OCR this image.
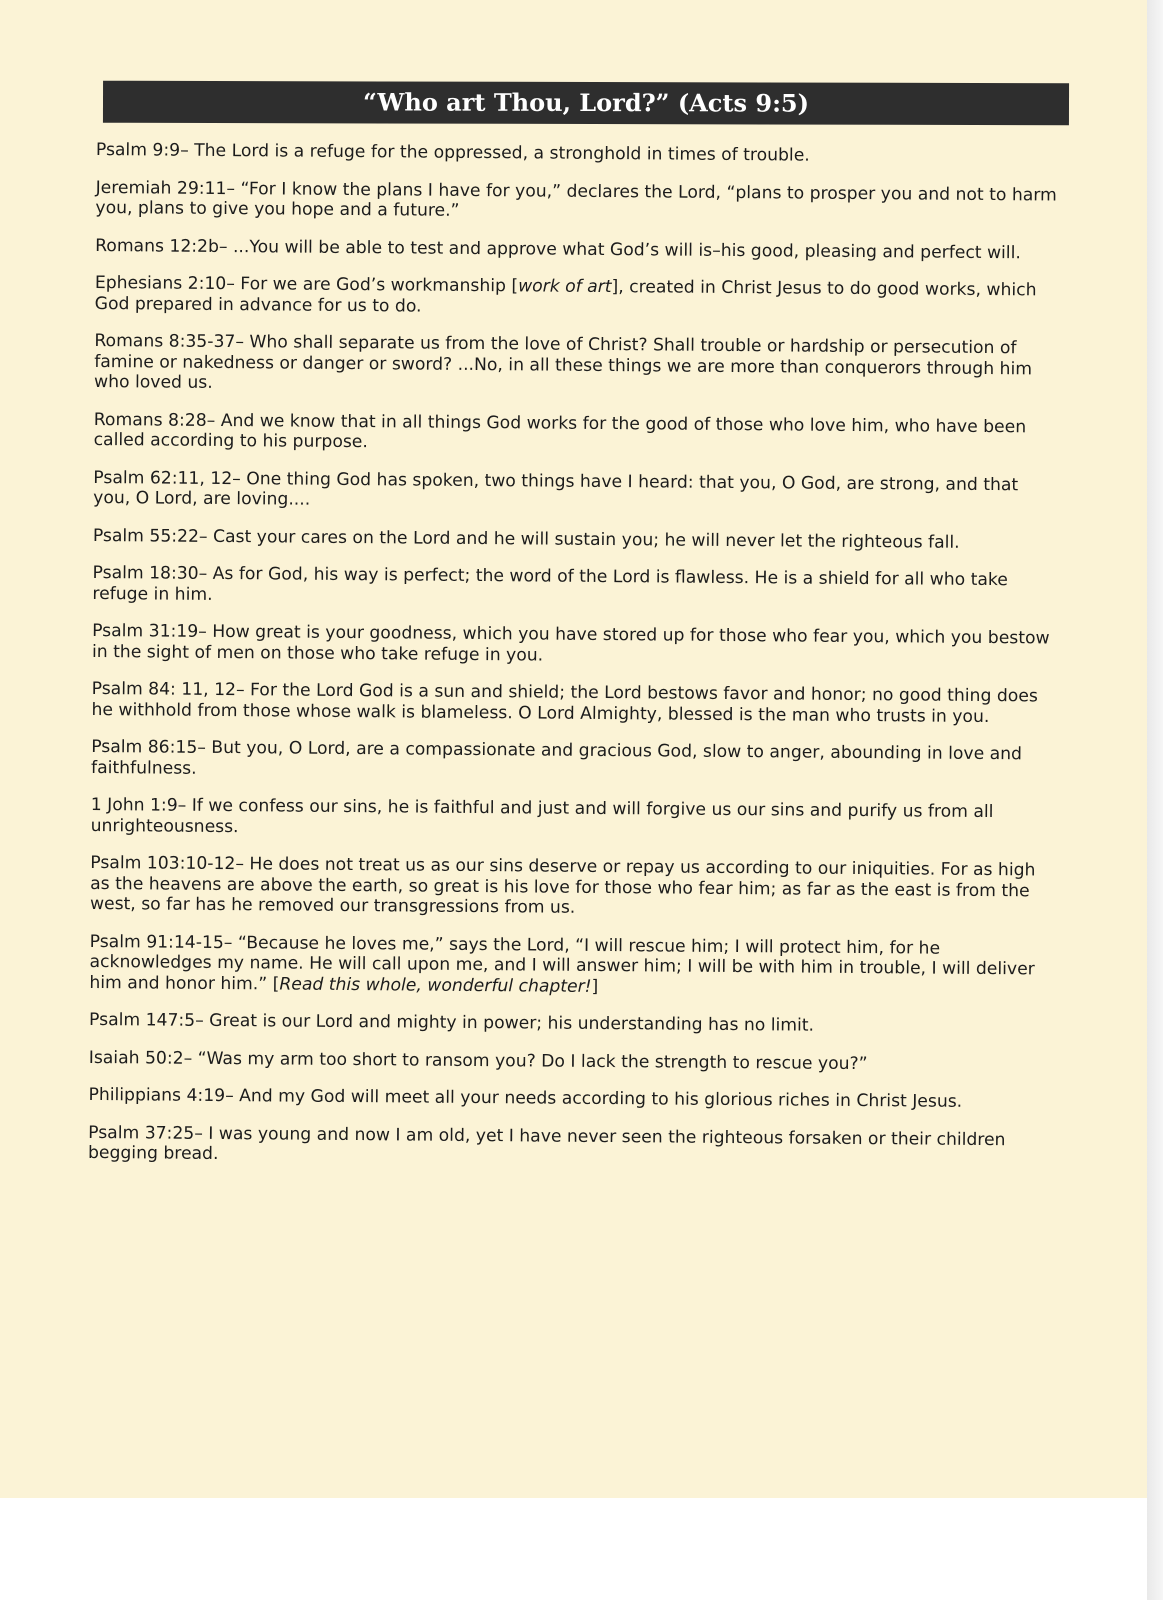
“Who art Thou, Lord?” (Acts 9:5)

Psalm 9:9– The Lord is a refuge for the oppressed, a stronghold in times of trouble.

Jeremiah 29:11– “For I know the plans I have for you,” declares the Lord, “plans to prosper you and not to harm you, plans to give you hope and a future.”

Romans 12:2b– ...You will be able to test and approve what God’s will is–his good, pleasing and perfect will.

Ephesians 2:10– For we are God’s workmanship [work of art], created in Christ Jesus to do good works, which God prepared in advance for us to do.

Romans 8:35-37– Who shall separate us from the love of Christ? Shall trouble or hardship or persecution of famine or nakedness or danger or sword? ...No, in all these things we are more than conquerors through him who loved us.

Romans 8:28– And we know that in all things God works for the good of those who love him, who have been called according to his purpose.

Psalm 62:11, 12– One thing God has spoken, two things have I heard: that you, O God, are strong, and that you, O Lord, are loving....

Psalm 55:22– Cast your cares on the Lord and he will sustain you; he will never let the righteous fall.

Psalm 18:30– As for God, his way is perfect; the word of the Lord is flawless. He is a shield for all who take refuge in him.

Psalm 31:19– How great is your goodness, which you have stored up for those who fear you, which you bestow in the sight of men on those who take refuge in you.

Psalm 84: 11, 12– For the Lord God is a sun and shield; the Lord bestows favor and honor; no good thing does he withhold from those whose walk is blameless. O Lord Almighty, blessed is the man who trusts in you.

Psalm 86:15– But you, O Lord, are a compassionate and gracious God, slow to anger, abounding in love and faithfulness.

1 John 1:9– If we confess our sins, he is faithful and just and will forgive us our sins and purify us from all unrighteousness.

Psalm 103:10-12– He does not treat us as our sins deserve or repay us according to our iniquities. For as high as the heavens are above the earth, so great is his love for those who fear him; as far as the east is from the west, so far has he removed our transgressions from us.

Psalm 91:14-15– “Because he loves me,” says the Lord, “I will rescue him; I will protect him, for he acknowledges my name. He will call upon me, and I will answer him; I will be with him in trouble, I will deliver him and honor him.” [Read this whole, wonderful chapter!]

Psalm 147:5– Great is our Lord and mighty in power; his understanding has no limit.

Isaiah 50:2– “Was my arm too short to ransom you? Do I lack the strength to rescue you?”

Philippians 4:19– And my God will meet all your needs according to his glorious riches in Christ Jesus.

Psalm 37:25– I was young and now I am old, yet I have never seen the righteous forsaken or their children begging bread.
